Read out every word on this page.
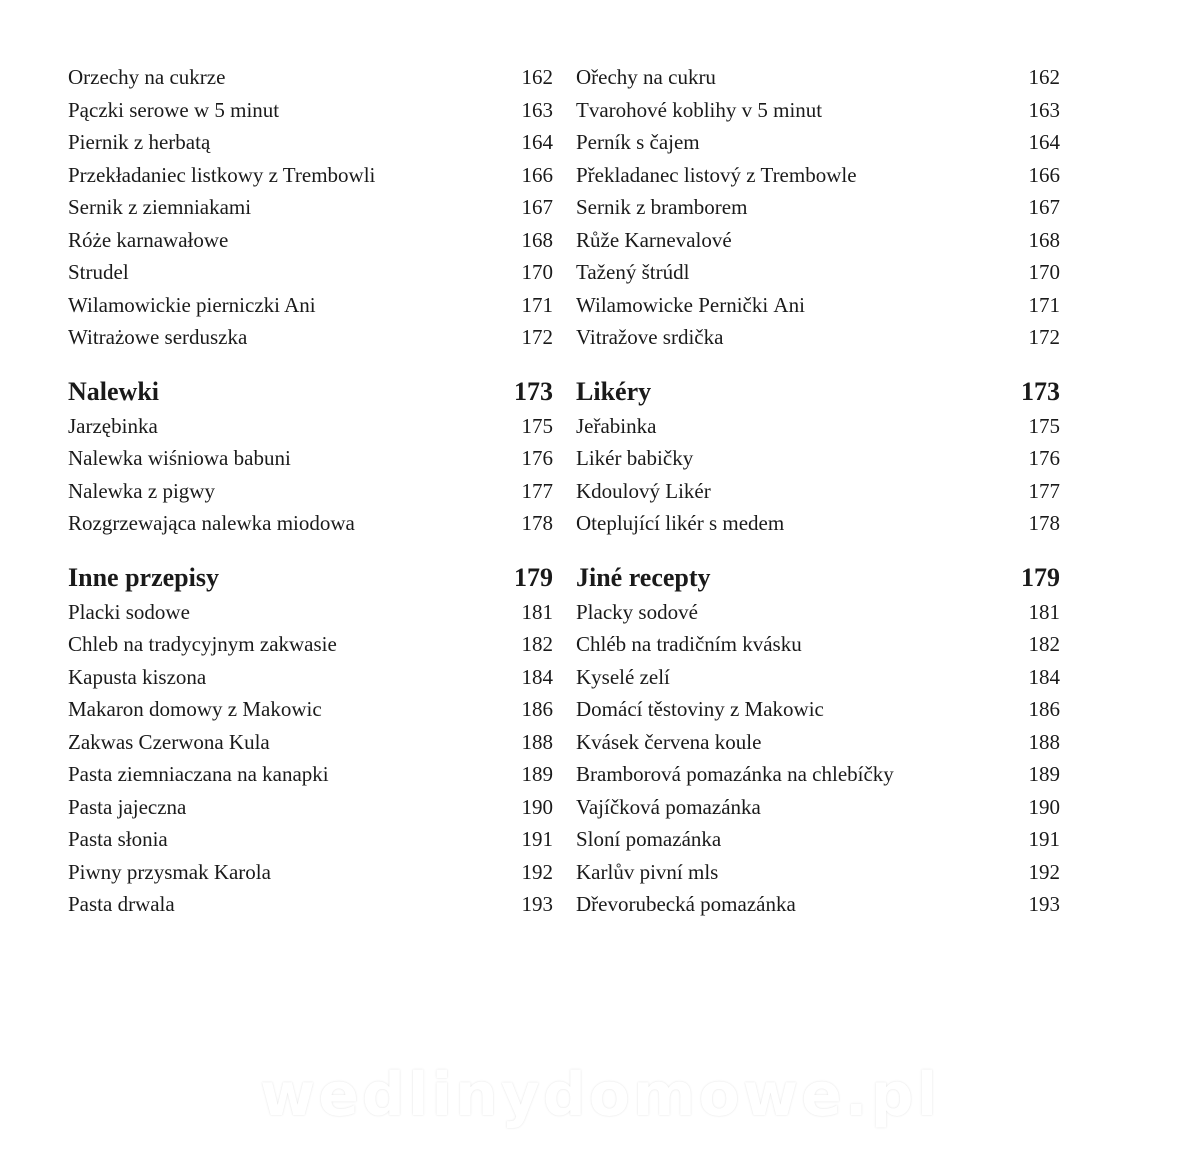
Orzechy na cukrze	162
Pączki serowe w 5 minut	163
Piernik z herbatą	164
Przekładaniec listkowy z Trembowli	166
Sernik z ziemniakami	167
Róże karnawałowe	168
Strudel	170
Wilamowickie pierniczki Ani	171
Witrażowe serduszka	172
Nalewki	173
Jarzębinka	175
Nalewka wiśniowa babuni	176
Nalewka z pigwy	177
Rozgrzewająca nalewka miodowa	178
Inne przepisy	179
Placki sodowe	181
Chleb na tradycyjnym zakwasie	182
Kapusta kiszona	184
Makaron domowy z Makowic	186
Zakwas Czerwona Kula	188
Pasta ziemniaczana na kanapki	189
Pasta jajeczna	190
Pasta słonia	191
Piwny przysmak Karola	192
Pasta drwala	193
Ořechy na cukru	162
Tvarohové koblihy v 5 minut	163
Perník s čajem	164
Překladanec listový z Trembowle	166
Sernik z bramborem	167
Růže Karnevalové	168
Tažený štrúdl	170
Wilamowicke Perničkі Ani	171
Vitražove srdička	172
Likéry	173
Jeřabinka	175
Likér babičky	176
Kdoulový Likér	177
Oteplující likér s medem	178
Jiné recepty	179
Placky sodové	181
Chléb na tradičním kvásku	182
Kyselé zelí	184
Domácí těstoviny z Makowic	186
Kvásek červena koule	188
Bramborová pomazánka na chlebíčky	189
Vajíčková pomazánka	190
Sloní pomazánka	191
Karlův pivní mls	192
Dřevorubecká pomazánka	193
wedlinydomowe.pl
